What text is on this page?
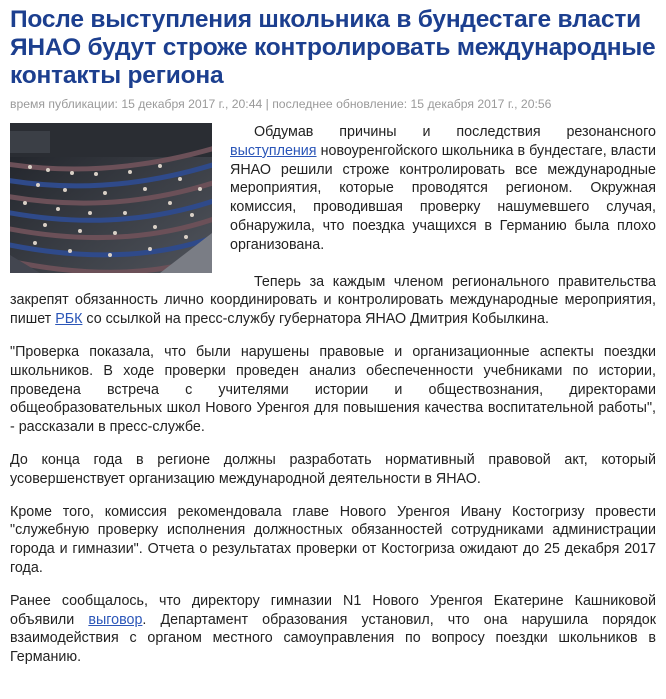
После выступления школьника в бундестаге власти ЯНАО будут строже контролировать международные контакты региона
время публикации: 15 декабря 2017 г., 20:44 | последнее обновление: 15 декабря 2017 г., 20:56

Обдумав причины и последствия резонансного выступления новоуренгойского школьника в бундестаге, власти ЯНАО решили строже контролировать все международные мероприятия, которые проводятся регионом. Окружная комиссия, проводившая проверку нашумевшего случая, обнаружила, что поездка учащихся в Германию была плохо организована.

Теперь за каждым членом регионального правительства закрепят обязанность лично координировать и контролировать международные мероприятия, пишет РБК со ссылкой на пресс-службу губернатора ЯНАО Дмитрия Кобылкина.

"Проверка показала, что были нарушены правовые и организационные аспекты поездки школьников. В ходе проверки проведен анализ обеспеченности учебниками по истории, проведена встреча с учителями истории и обществознания, директорами общеобразовательных школ Нового Уренгоя для повышения качества воспитательной работы", - рассказали в пресс-службе.

До конца года в регионе должны разработать нормативный правовой акт, который усовершенствует организацию международной деятельности в ЯНАО.

Кроме того, комиссия рекомендовала главе Нового Уренгоя Ивану Костогризу провести "служебную проверку исполнения должностных обязанностей сотрудниками администрации города и гимназии". Отчета о результатах проверки от Костогриза ожидают до 25 декабря 2017 года.

Ранее сообщалось, что директору гимназии N1 Нового Уренгоя Екатерине Кашниковой объявили выговор. Департамент образования установил, что она нарушила порядок взаимодействия с органом местного самоуправления по вопросу поездки школьников в Германию.
